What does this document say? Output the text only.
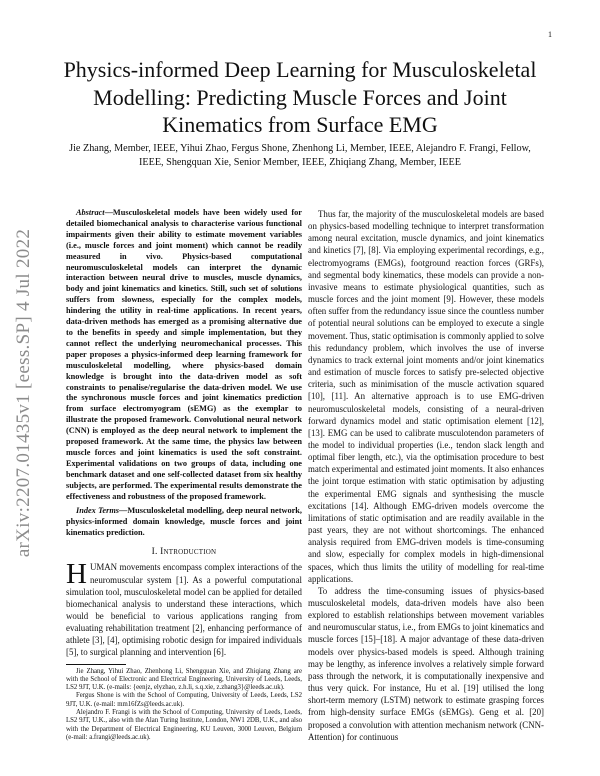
1
arXiv:2207.01435v1 [eess.SP] 4 Jul 2022
Physics-informed Deep Learning for Musculoskeletal Modelling: Predicting Muscle Forces and Joint Kinematics from Surface EMG
Jie Zhang, Member, IEEE, Yihui Zhao, Fergus Shone, Zhenhong Li, Member, IEEE, Alejandro F. Frangi, Fellow, IEEE, Shengquan Xie, Senior Member, IEEE, Zhiqiang Zhang, Member, IEEE

Abstract—Musculoskeletal models have been widely used for detailed biomechanical analysis to characterise various functional impairments given their ability to estimate movement variables (i.e., muscle forces and joint moment) which cannot be readily measured in vivo. Physics-based computational neuromusculoskeletal models can interpret the dynamic interaction between neural drive to muscles, muscle dynamics, body and joint kinematics and kinetics. Still, such set of solutions suffers from slowness, especially for the complex models, hindering the utility in real-time applications. In recent years, data-driven methods has emerged as a promising alternative due to the benefits in speedy and simple implementation, but they cannot reflect the underlying neuromechanical processes. This paper proposes a physics-informed deep learning framework for musculoskeletal modelling, where physics-based domain knowledge is brought into the data-driven model as soft constraints to penalise/regularise the data-driven model. We use the synchronous muscle forces and joint kinematics prediction from surface electromyogram (sEMG) as the exemplar to illustrate the proposed framework. Convolutional neural network (CNN) is employed as the deep neural network to implement the proposed framework. At the same time, the physics law between muscle forces and joint kinematics is used the soft constraint. Experimental validations on two groups of data, including one benchmark dataset and one self-collected dataset from six healthy subjects, are performed. The experimental results demonstrate the effectiveness and robustness of the proposed framework.

Index Terms—Musculoskeletal modelling, deep neural network, physics-informed domain knowledge, muscle forces and joint kinematics prediction.

I. Introduction

HUMAN movements encompass complex interactions of the neuromuscular system [1]. As a powerful computational simulation tool, musculoskeletal model can be applied for detailed biomechanical analysis to understand these interactions, which would be beneficial to various applications ranging from evaluating rehabilitation treatment [2], enhancing performance of athlete [3], [4], optimising robotic design for impaired individuals [5], to surgical planning and intervention [6].

Jie Zhang, Yihui Zhao, Zhenhong Li, Shengquan Xie, and Zhiqiang Zhang are with the School of Electronic and Electrical Engineering, University of Leeds, Leeds, LS2 9JT, U.K. (e-mails: {eenjz, elyzhao, z.h.li, s.q.xie, z.zhang3}@leeds.ac.uk).

Fergus Shone is with the School of Computing, University of Leeds, Leeds, LS2 9JT, U.K. (e-mail: mm16fZs@leeds.ac.uk).

Alejandro F. Frangi is with the School of Computing, University of Leeds, Leeds, LS2 9JT, U.K., also with the Alan Turing Institute, London, NW1 2DB, U.K., and also with the Department of Electrical Engineering, KU Leuven, 3000 Leuven, Belgium (e-mail: a.frangi@leeds.ac.uk).

Thus far, the majority of the musculoskeletal models are based on physics-based modelling technique to interpret transformation among neural excitation, muscle dynamics, and joint kinematics and kinetics [7], [8]. Via employing experimental recordings, e.g., electromyograms (EMGs), footground reaction forces (GRFs), and segmental body kinematics, these models can provide a non-invasive means to estimate physiological quantities, such as muscle forces and the joint moment [9]. However, these models often suffer from the redundancy issue since the countless number of potential neural solutions can be employed to execute a single movement. Thus, static optimisation is commonly applied to solve this redundancy problem, which involves the use of inverse dynamics to track external joint moments and/or joint kinematics and estimation of muscle forces to satisfy pre-selected objective criteria, such as minimisation of the muscle activation squared [10], [11]. An alternative approach is to use EMG-driven neuromusculoskeletal models, consisting of a neural-driven forward dynamics model and static optimisation element [12], [13]. EMG can be used to calibrate musculotendon parameters of the model to individual properties (i.e., tendon slack length and optimal fiber length, etc.), via the optimisation procedure to best match experimental and estimated joint moments. It also enhances the joint torque estimation with static optimisation by adjusting the experimental EMG signals and synthesising the muscle excitations [14]. Although EMG-driven models overcome the limitations of static optimisation and are readily available in the past years, they are not without shortcomings. The enhanced analysis required from EMG-driven models is time-consuming and slow, especially for complex models in high-dimensional spaces, which thus limits the utility of modelling for real-time applications.

To address the time-consuming issues of physics-based musculoskeletal models, data-driven models have also been explored to establish relationships between movement variables and neuromuscular status, i.e., from EMGs to joint kinematics and muscle forces [15]–[18]. A major advantage of these data-driven models over physics-based models is speed. Although training may be lengthy, as inference involves a relatively simple forward pass through the network, it is computationally inexpensive and thus very quick. For instance, Hu et al. [19] utilised the long short-term memory (LSTM) network to estimate grasping forces from high-density surface EMGs (sEMGs). Geng et al. [20] proposed a convolution with attention mechanism network (CNN-Attention) for continuous
